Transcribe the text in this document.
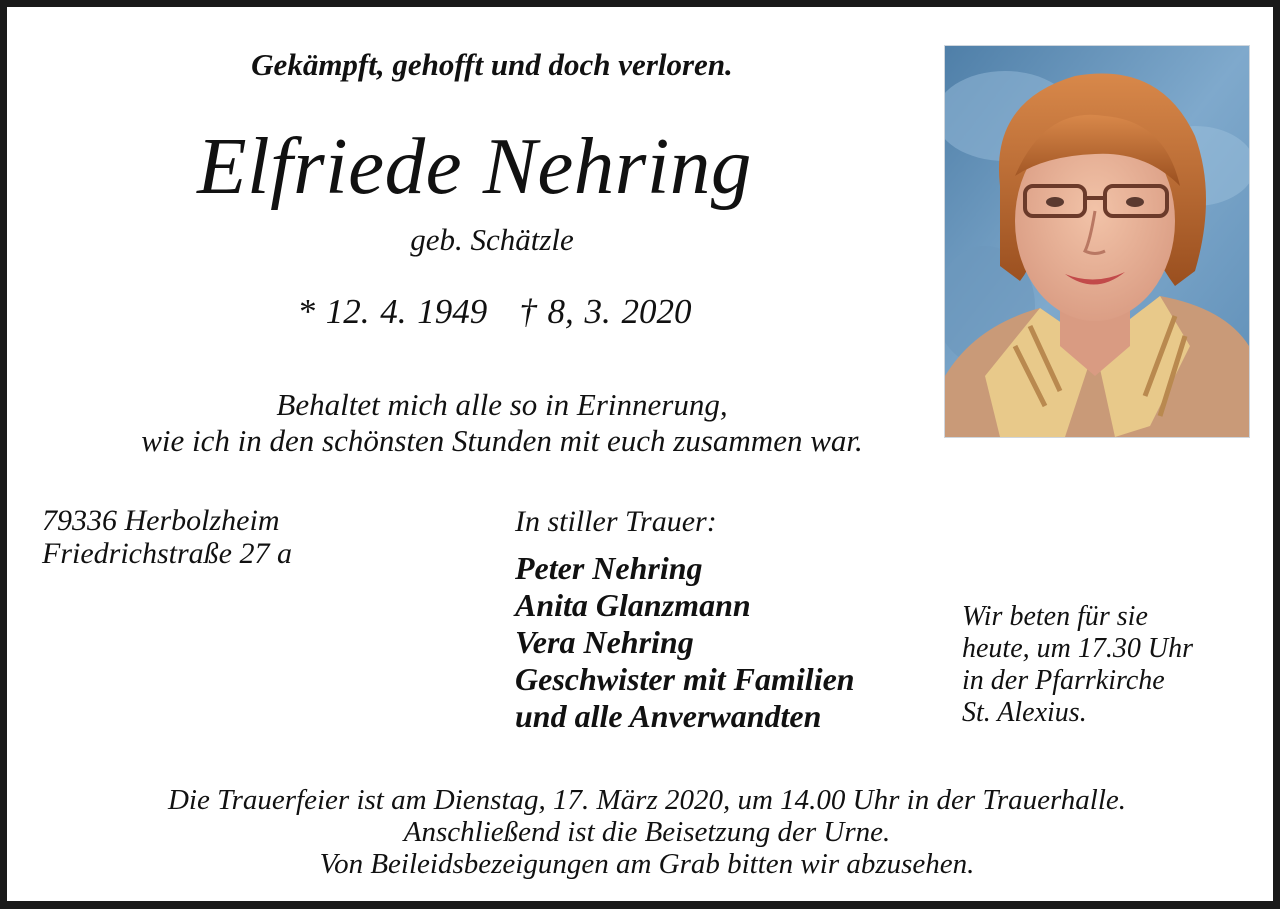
Gekämpft, gehofft und doch verloren.

Elfriede Nehring

geb. Schätzle

* 12. 4. 1949 † 8, 3. 2020

Behaltet mich alle so in Erinnerung,
wie ich in den schönsten Stunden mit euch zusammen war.

79336 Herbolzheim
Friedrichstraße 27 a

In stiller Trauer:

Peter Nehring
Anita Glanzmann
Vera Nehring
Geschwister mit Familien
und alle Anverwandten

Wir beten für sie
heute, um 17.30 Uhr
in der Pfarrkirche
St. Alexius.

Die Trauerfeier ist am Dienstag, 17. März 2020, um 14.00 Uhr in der Trauerhalle.
Anschließend ist die Beisetzung der Urne.
Von Beileidsbezeigungen am Grab bitten wir abzusehen.
